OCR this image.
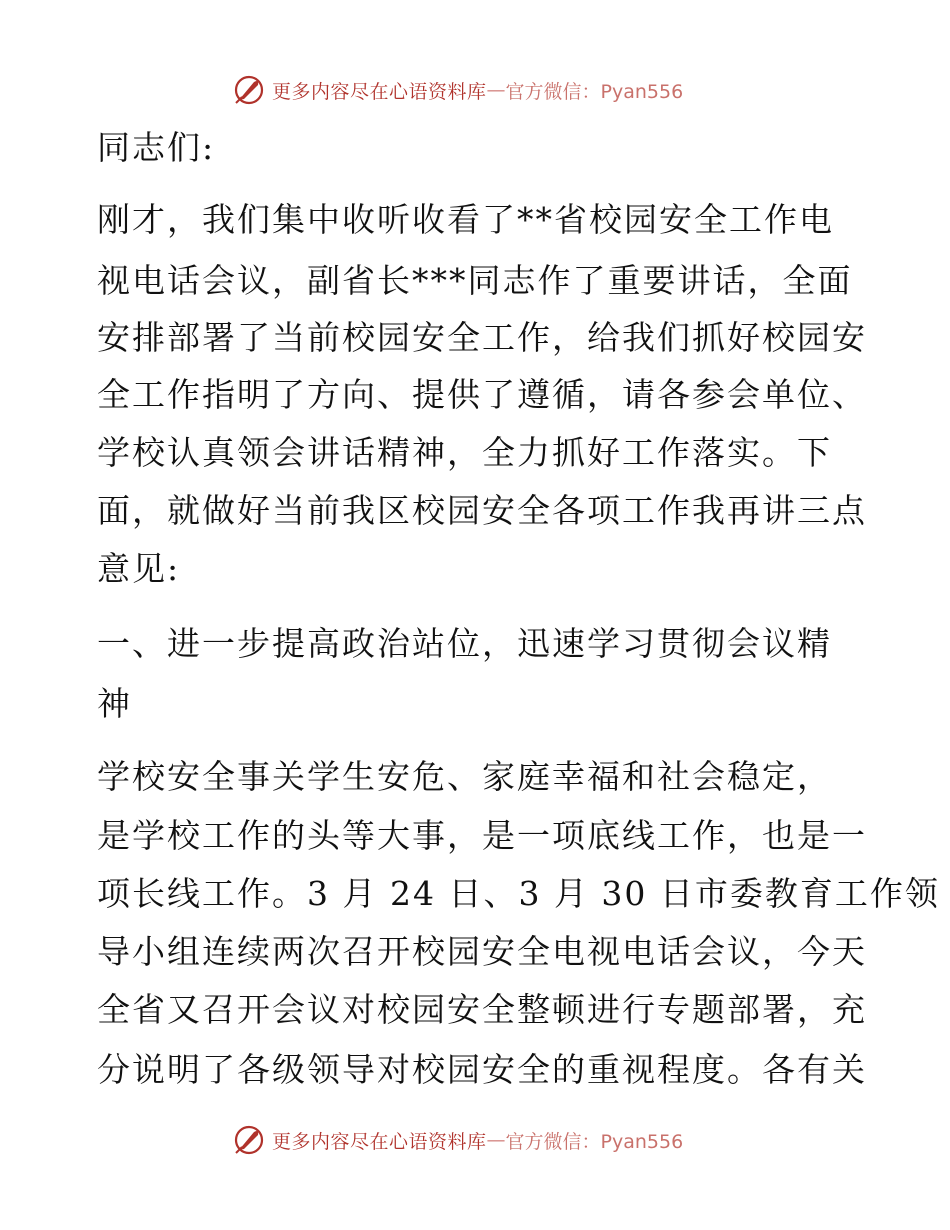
更多内容尽在心语资料库 — 官方微信：Pyan556
同志们:
刚才，我们集中收听收看了**省校园安全工作电
视电话会议，副省长***同志作了重要讲话，全面
安排部署了当前校园安全工作，给我们抓好校园安
全工作指明了方向、提供了遵循，请各参会单位、
学校认真领会讲话精神，全力抓好工作落实。下
面，就做好当前我区校园安全各项工作我再讲三点
意见:
一、进一步提高政治站位，迅速学习贯彻会议精
神
学校安全事关学生安危、家庭幸福和社会稳定，
是学校工作的头等大事，是一项底线工作，也是一
项长线工作。3 月 24 日、3 月 30 日市委教育工作领
导小组连续两次召开校园安全电视电话会议，今天
全省又召开会议对校园安全整顿进行专题部署，充
分说明了各级领导对校园安全的重视程度。各有关
更多内容尽在心语资料库 — 官方微信：Pyan556
